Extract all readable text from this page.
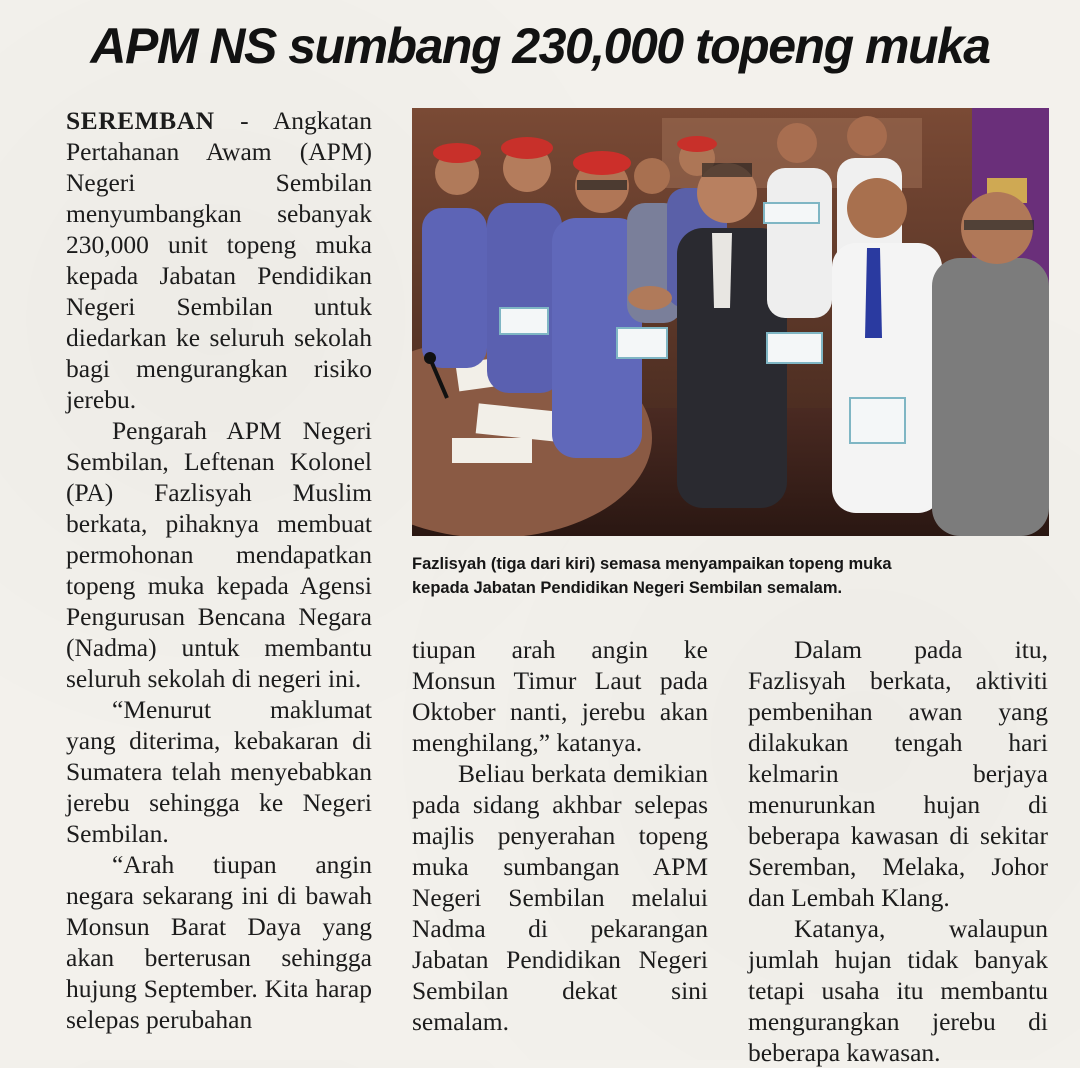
APM NS sumbang 230,000 topeng muka

SEREMBAN - Angkatan Pertahanan Awam (APM) Negeri Sembilan menyumbangkan sebanyak 230,000 unit topeng muka kepada Jabatan Pendidikan Negeri Sembilan untuk diedarkan ke seluruh sekolah bagi mengurangkan risiko jerebu.

Pengarah APM Negeri Sembilan, Leftenan Kolonel (PA) Fazlisyah Muslim berkata, pihaknya membuat permohonan mendapatkan topeng muka kepada Agensi Pengurusan Bencana Negara (Nadma) untuk membantu seluruh sekolah di negeri ini.

“Menurut maklumat yang diterima, kebakaran di Sumatera telah menyebabkan jerebu sehingga ke Negeri Sembilan.

“Arah tiupan angin negara sekarang ini di bawah Monsun Barat Daya yang akan berterusan sehingga hujung September. Kita harap selepas perubahan

Fazlisyah (tiga dari kiri) semasa menyampaikan topeng muka
kepada Jabatan Pendidikan Negeri Sembilan semalam.

tiupan arah angin ke Monsun Timur Laut pada Oktober nanti, jerebu akan menghilang,” katanya.

Beliau berkata demikian pada sidang akhbar selepas majlis penyerahan topeng muka sumbangan APM Negeri Sembilan melalui Nadma di pekarangan Jabatan Pendidikan Negeri Sembilan dekat sini semalam.

Dalam pada itu, Fazlisyah berkata, aktiviti pembenihan awan yang dilakukan tengah hari kelmarin berjaya menurunkan hujan di beberapa kawasan di sekitar Seremban, Melaka, Johor dan Lembah Klang.

Katanya, walaupun jumlah hujan tidak banyak tetapi usaha itu membantu mengurangkan jerebu di beberapa kawasan.
